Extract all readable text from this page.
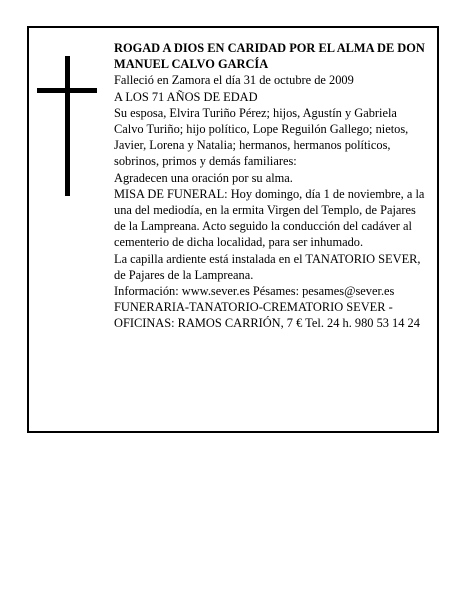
ROGAD A DIOS EN CARIDAD POR EL ALMA DE DON MANUEL CALVO GARCÍA

Falleció en Zamora el día 31 de octubre de 2009

A LOS 71 AÑOS DE EDAD

Su esposa, Elvira Turiño Pérez; hijos, Agustín y Gabriela Calvo Turiño; hijo político, Lope Reguilón Gallego; nietos, Javier, Lorena y Natalia; hermanos, hermanos políticos, sobrinos, primos y demás familiares:

Agradecen una oración por su alma.

MISA DE FUNERAL: Hoy domingo, día 1 de noviembre, a la una del mediodía, en la ermita Virgen del Templo, de Pajares de la Lampreana. Acto seguido la conducción del cadáver al cementerio de dicha localidad, para ser inhumado.

La capilla ardiente está instalada en el TANATORIO SEVER, de Pajares de la Lampreana.

Información: www.sever.es Pésames: pesames@sever.es

FUNERARIA-TANATORIO-CREMATORIO SEVER - OFICINAS: RAMOS CARRIÓN, 7 € Tel. 24 h. 980 53 14 24
